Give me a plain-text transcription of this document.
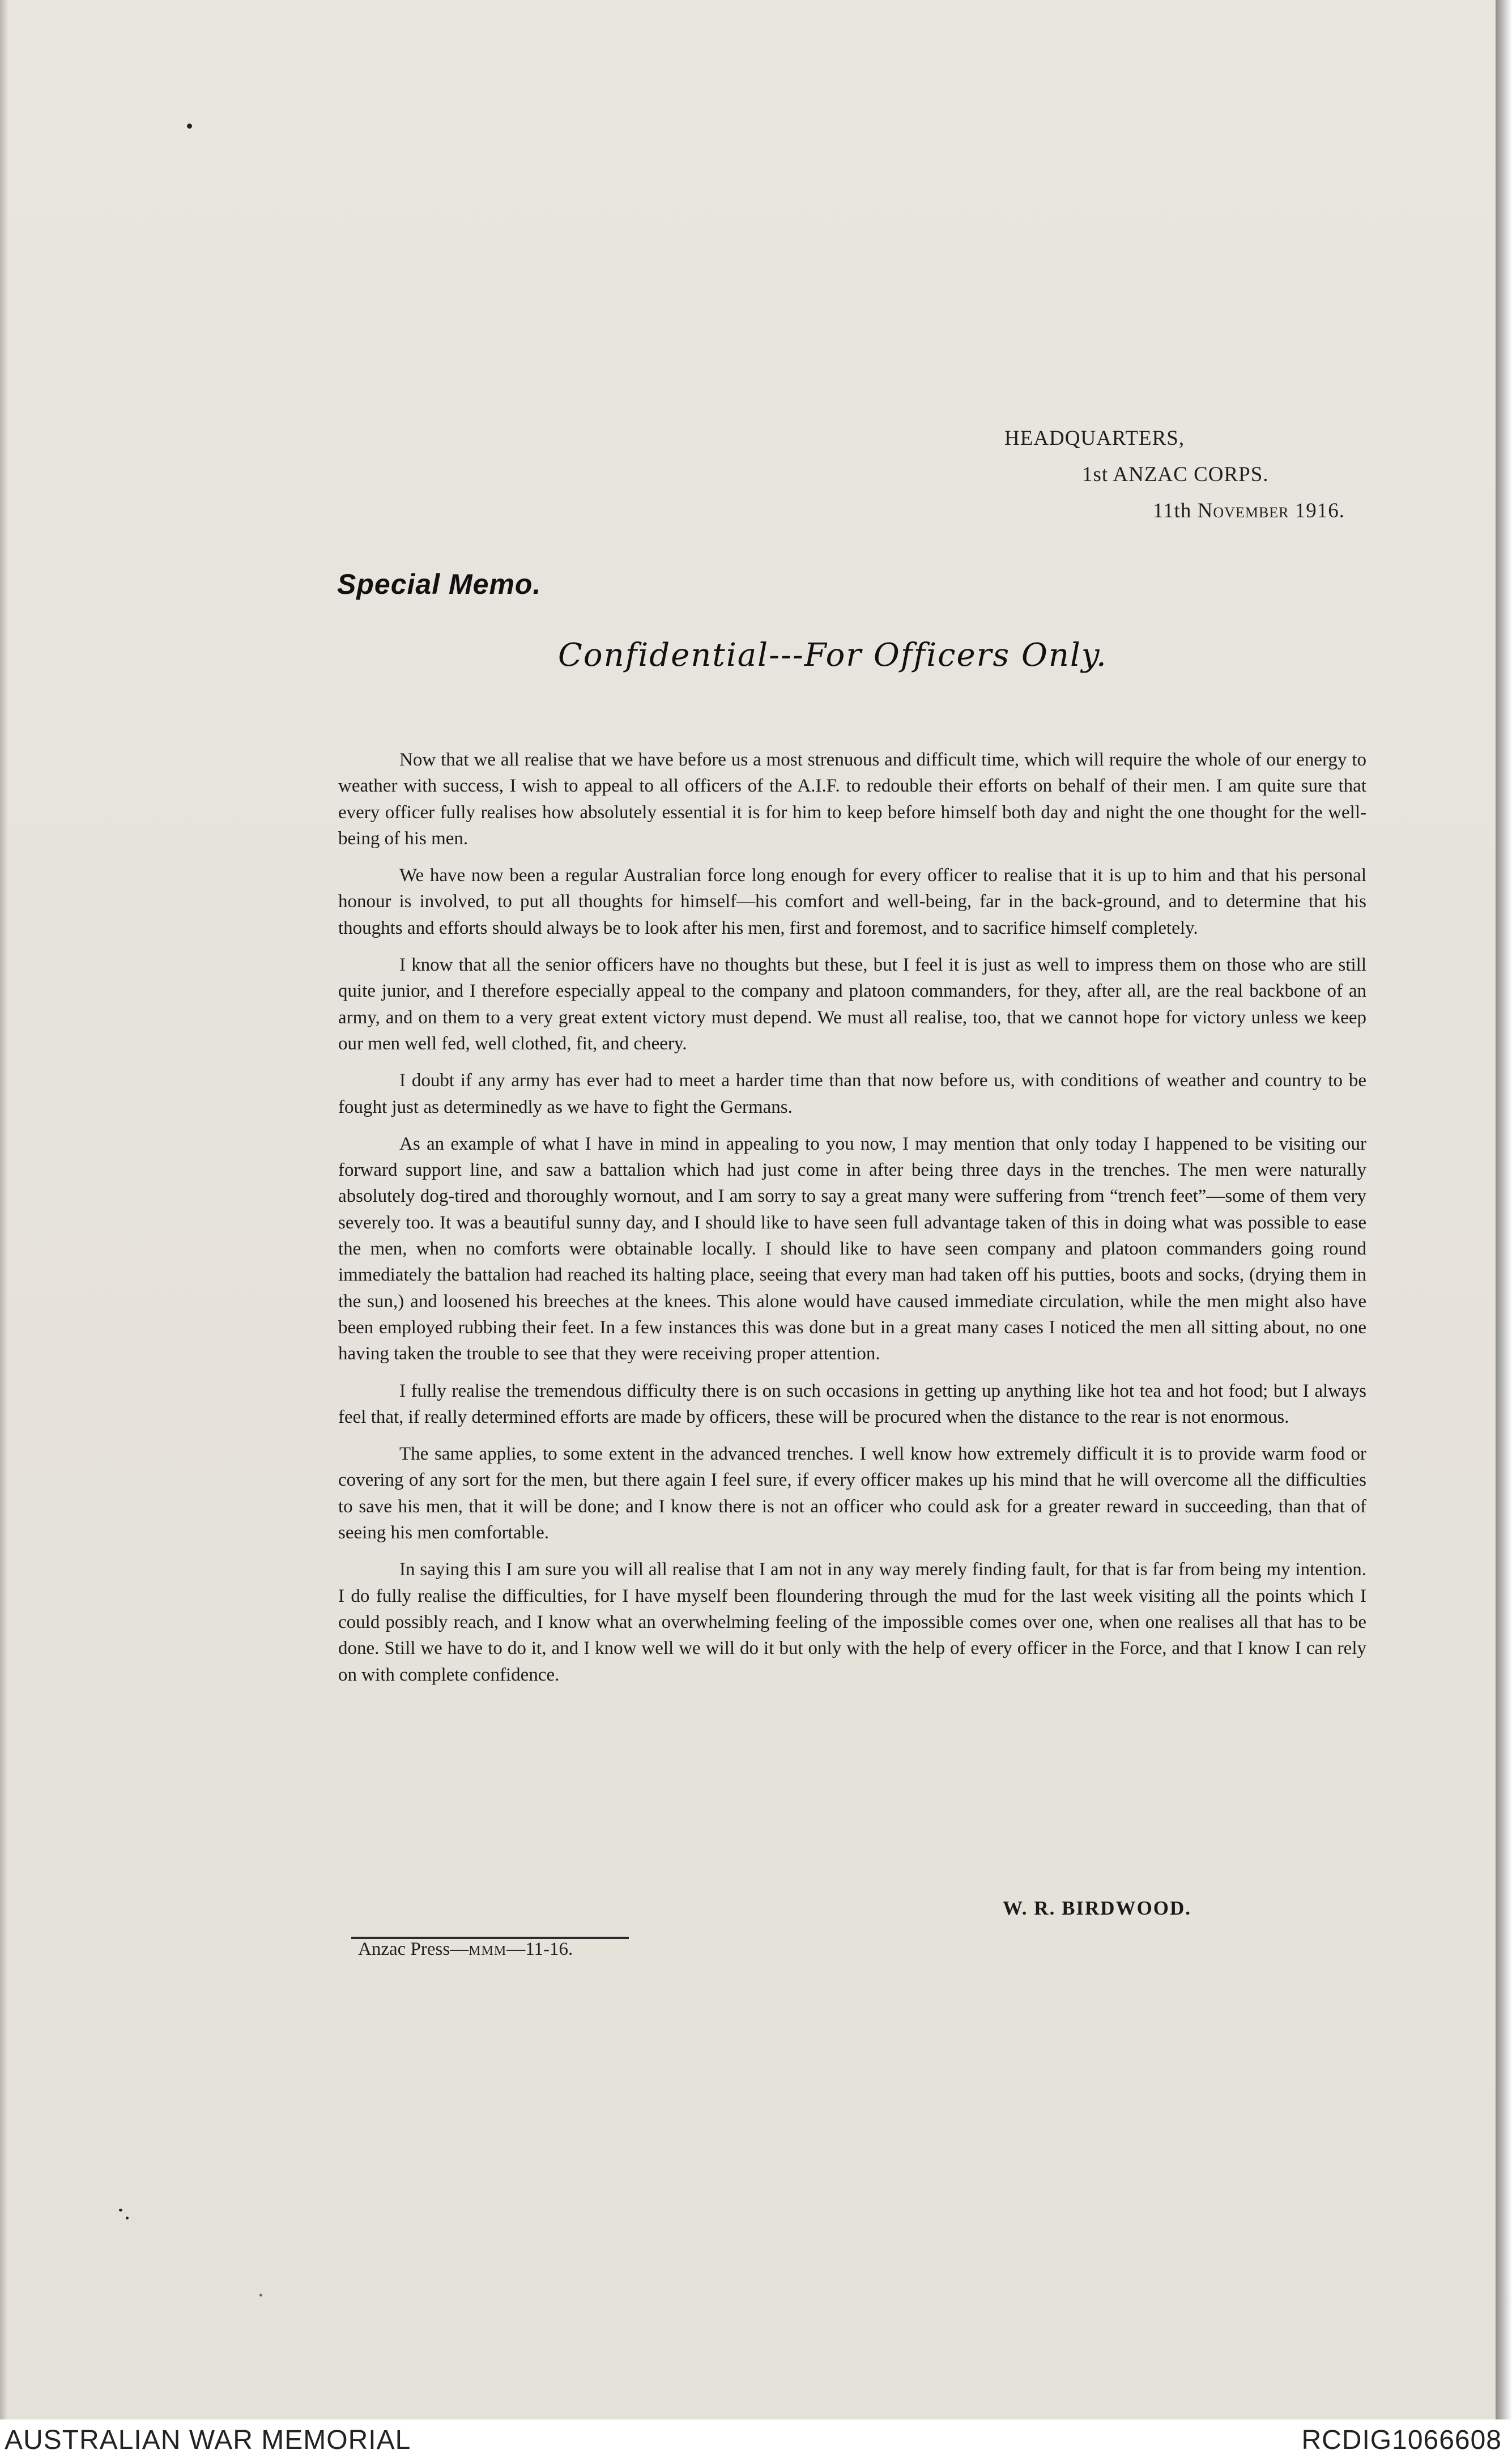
HEADQUARTERS,
1st ANZAC CORPS.
11th November 1916.
Special Memo.
Confidential---For Officers Only.

Now that we all realise that we have before us a most strenuous and difficult time, which will require the whole of our energy to weather with success, I wish to appeal to all officers of the A.I.F. to redouble their efforts on behalf of their men. I am quite sure that every officer fully realises how absolutely essential it is for him to keep before himself both day and night the one thought for the well-being of his men.

We have now been a regular Australian force long enough for every officer to realise that it is up to him and that his personal honour is involved, to put all thoughts for himself—his comfort and well-being, far in the back-ground, and to determine that his thoughts and efforts should always be to look after his men, first and foremost, and to sacrifice himself completely.

I know that all the senior officers have no thoughts but these, but I feel it is just as well to impress them on those who are still quite junior, and I therefore especially appeal to the company and platoon commanders, for they, after all, are the real backbone of an army, and on them to a very great extent victory must depend. We must all realise, too, that we cannot hope for victory unless we keep our men well fed, well clothed, fit, and cheery.

I doubt if any army has ever had to meet a harder time than that now before us, with conditions of weather and country to be fought just as determinedly as we have to fight the Germans.

As an example of what I have in mind in appealing to you now, I may mention that only today I happened to be visiting our forward support line, and saw a battalion which had just come in after being three days in the trenches. The men were naturally absolutely dog-tired and thoroughly wornout, and I am sorry to say a great many were suffering from “trench feet”—some of them very severely too. It was a beautiful sunny day, and I should like to have seen full advantage taken of this in doing what was possible to ease the men, when no comforts were obtainable locally. I should like to have seen company and platoon commanders going round immediately the battalion had reached its halting place, seeing that every man had taken off his putties, boots and socks, (drying them in the sun,) and loosened his breeches at the knees. This alone would have caused immediate circulation, while the men might also have been employed rubbing their feet. In a few instances this was done but in a great many cases I noticed the men all sitting about, no one having taken the trouble to see that they were receiving proper attention.

I fully realise the tremendous difficulty there is on such occasions in getting up anything like hot tea and hot food; but I always feel that, if really determined efforts are made by officers, these will be procured when the distance to the rear is not enormous.

The same applies, to some extent in the advanced trenches. I well know how extremely difficult it is to provide warm food or covering of any sort for the men, but there again I feel sure, if every officer makes up his mind that he will overcome all the difficulties to save his men, that it will be done; and I know there is not an officer who could ask for a greater reward in succeeding, than that of seeing his men comfortable.

In saying this I am sure you will all realise that I am not in any way merely finding fault, for that is far from being my intention. I do fully realise the difficulties, for I have myself been floundering through the mud for the last week visiting all the points which I could possibly reach, and I know what an overwhelming feeling of the impossible comes over one, when one realises all that has to be done. Still we have to do it, and I know well we will do it but only with the help of every officer in the Force, and that I know I can rely on with complete confidence.

W. R. BIRDWOOD.
Anzac Press—MMM—11-16.
AUSTRALIAN WAR MEMORIAL	RCDIG1066608
